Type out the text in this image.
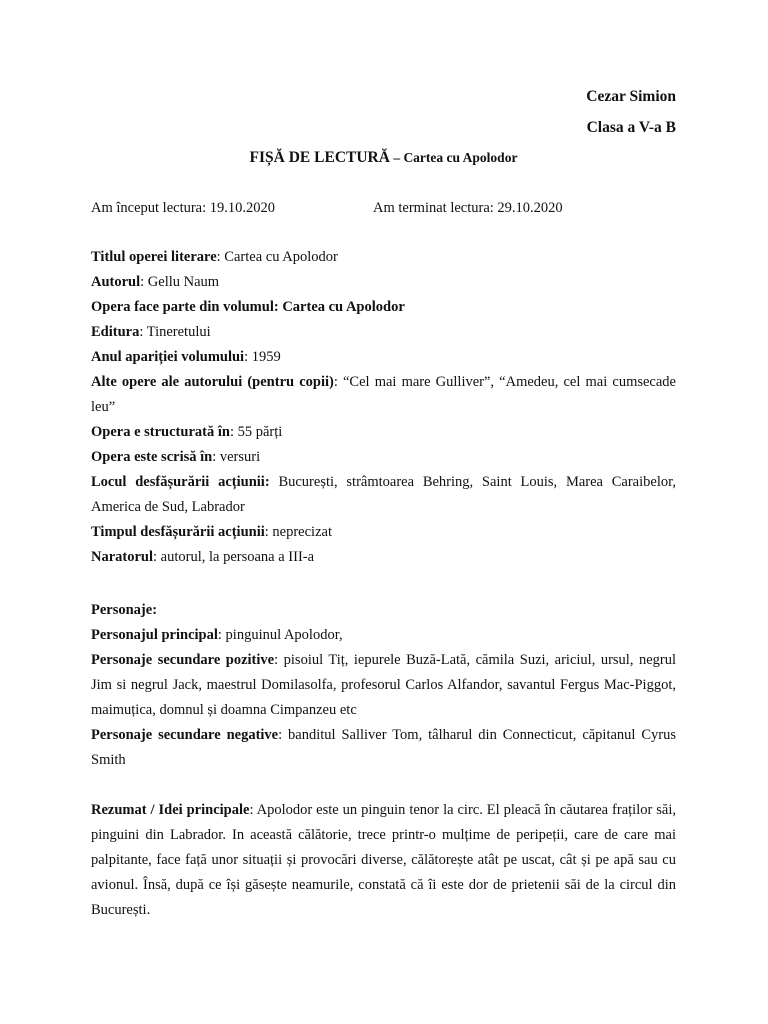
Cezar Simion
Clasa a V-a B
FIȘĂ DE LECTURĂ – Cartea cu Apolodor
Am început lectura: 19.10.2020	Am terminat lectura: 29.10.2020
Titlul operei literare: Cartea cu Apolodor
Autorul: Gellu Naum
Opera face parte din volumul: Cartea cu Apolodor
Editura: Tineretului
Anul apariției volumului: 1959
Alte opere ale autorului (pentru copii): “Cel mai mare Gulliver”, “Amedeu, cel mai cumsecade leu”
Opera e structurată în: 55 părți
Opera este scrisă în: versuri
Locul desfășurării acțiunii: București, strâmtoarea Behring, Saint Louis, Marea Caraibelor, America de Sud, Labrador
Timpul desfășurării acțiunii: neprecizat
Naratorul: autorul, la persoana a III-a
Personaje:
Personajul principal: pinguinul Apolodor,
Personaje secundare pozitive: pisoiul Tiț, iepurele Buză-Lată, cămila Suzi, ariciul, ursul, negrul Jim si negrul Jack, maestrul Domilasolfa, profesorul Carlos Alfandor, savantul Fergus Mac-Piggot, maimuțica, domnul și doamna Cimpanzeu etc
Personaje secundare negative: banditul Salliver Tom, tâlharul din Connecticut, căpitanul Cyrus Smith
Rezumat / Idei principale: Apolodor este un pinguin tenor la circ. El pleacă în căutarea fraților săi, pinguini din Labrador. In această călătorie, trece printr-o mulțime de peripeții, care de care mai palpitante, face față unor situații și provocări diverse, călătorește atât pe uscat, cât și pe apă sau cu avionul. Însă, după ce își găsește neamurile, constată că îi este dor de prietenii săi de la circul din București.
